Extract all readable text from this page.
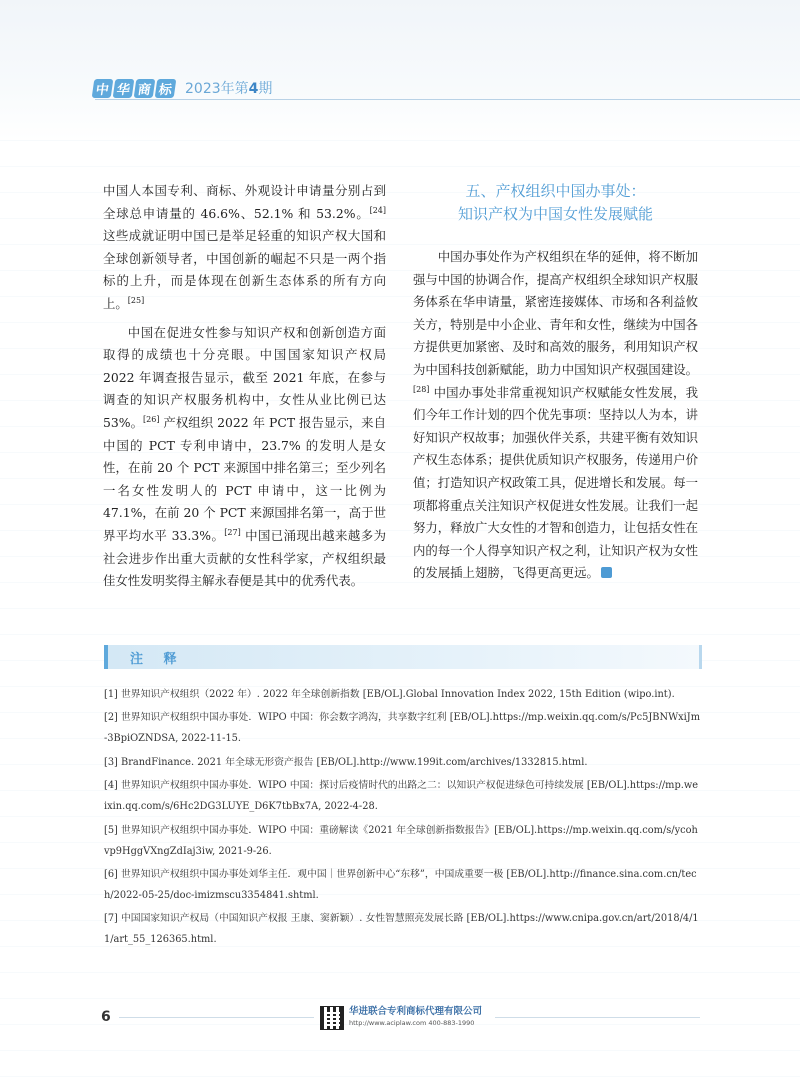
中 华 商 标 2023年第4期

中国人本国专利、商标、外观设计申请量分别占到全球总申请量的 46.6%、52.1% 和 53.2%。[24] 这些成就证明中国已是举足轻重的知识产权大国和全球创新领导者，中国创新的崛起不只是一两个指标的上升，而是体现在创新生态体系的所有方向上。[25]

中国在促进女性参与知识产权和创新创造方面取得的成绩也十分亮眼。中国国家知识产权局 2022 年调查报告显示，截至 2021 年底，在参与调查的知识产权服务机构中，女性从业比例已达 53%。[26] 产权组织 2022 年 PCT 报告显示，来自中国的 PCT 专利申请中，23.7% 的发明人是女性，在前 20 个 PCT 来源国中排名第三；至少列名一名女性发明人的 PCT 申请中，这一比例为 47.1%，在前 20 个 PCT 来源国排名第一，高于世界平均水平 33.3%。[27] 中国已涌现出越来越多为社会进步作出重大贡献的女性科学家，产权组织最佳女性发明奖得主解永春便是其中的优秀代表。

五、产权组织中国办事处：
知识产权为中国女性发展赋能

中国办事处作为产权组织在华的延伸，将不断加强与中国的协调合作，提高产权组织全球知识产权服务体系在华申请量，紧密连接媒体、市场和各利益攸关方，特别是中小企业、青年和女性，继续为中国各方提供更加紧密、及时和高效的服务，利用知识产权为中国科技创新赋能，助力中国知识产权强国建设。[28] 中国办事处非常重视知识产权赋能女性发展，我们今年工作计划的四个优先事项：坚持以人为本，讲好知识产权故事；加强伙伴关系，共建平衡有效知识产权生态体系；提供优质知识产权服务，传递用户价值；打造知识产权政策工具，促进增长和发展。每一项都将重点关注知识产权促进女性发展。让我们一起努力，释放广大女性的才智和创造力，让包括女性在内的每一个人得享知识产权之利，让知识产权为女性的发展插上翅膀，飞得更高更远。

注 释

[1] 世界知识产权组织（2022 年）. 2022 年全球创新指数 [EB/OL].Global Innovation Index 2022, 15th Edition (wipo.int).

[2] 世界知识产权组织中国办事处．WIPO 中国：你会数字鸿沟，共享数字红利 [EB/OL].https://mp.weixin.qq.com/s/Pc5JBNWxiJm-3BpiOZNDSA, 2022-11-15.

[3] BrandFinance. 2021 年全球无形资产报告 [EB/OL].http://www.199it.com/archives/1332815.html.

[4] 世界知识产权组织中国办事处．WIPO 中国：探讨后疫情时代的出路之二：以知识产权促进绿色可持续发展 [EB/OL].https://mp.weixin.qq.com/s/6Hc2DG3LUYE_D6K7tbBx7A, 2022-4-28.

[5] 世界知识产权组织中国办事处．WIPO 中国：重磅解读《2021 年全球创新指数报告》[EB/OL].https://mp.weixin.qq.com/s/ycohvp9HggVXngZdIaj3iw, 2021-9-26.

[6] 世界知识产权组织中国办事处刘华主任．观中国｜世界创新中心“东移”，中国成重要一极 [EB/OL].http://finance.sina.com.cn/tech/2022-05-25/doc-imizmscu3354841.shtml.

[7] 中国国家知识产权局（中国知识产权报 王康、窦新颖）. 女性智慧照亮发展长路 [EB/OL].https://www.cnipa.gov.cn/art/2018/4/11/art_55_126365.html.

6	华进联合专利商标代理有限公司
http://www.aciplaw.com 400-883-1990
